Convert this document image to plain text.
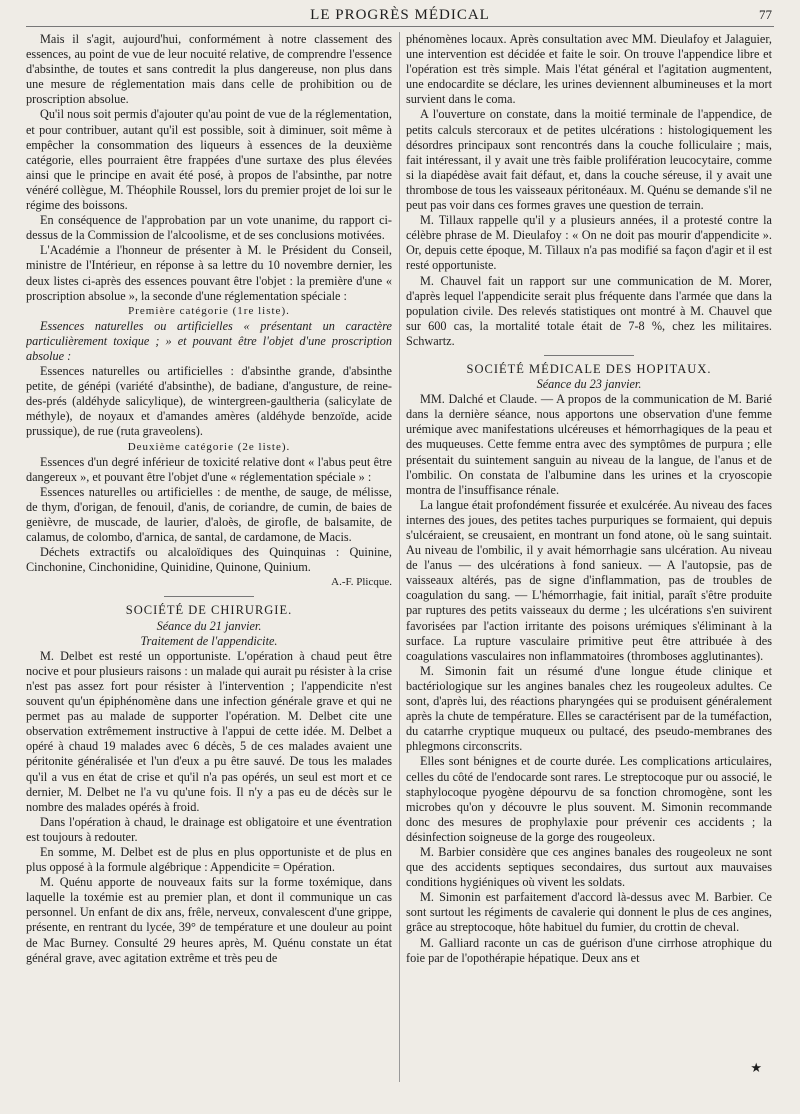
LE PROGRÈS MÉDICAL	77

Mais il s'agit, aujourd'hui, conformément à notre classement des essences, au point de vue de leur nocuité relative, de comprendre l'essence d'absinthe, de toutes et sans contredit la plus dangereuse, non plus dans une mesure de réglementation mais dans celle de prohibition ou de proscription absolue.

Qu'il nous soit permis d'ajouter qu'au point de vue de la réglementation, et pour contribuer, autant qu'il est possible, soit à diminuer, soit même à empêcher la consommation des liqueurs à essences de la deuxième catégorie, elles pourraient être frappées d'une surtaxe des plus élevées ainsi que le principe en avait été posé, à propos de l'absinthe, par notre vénéré collègue, M. Théophile Roussel, lors du premier projet de loi sur le régime des boissons.

En conséquence de l'approbation par un vote unanime, du rapport ci-dessus de la Commission de l'alcoolisme, et de ses conclusions motivées.

L'Académie a l'honneur de présenter à M. le Président du Conseil, ministre de l'Intérieur, en réponse à sa lettre du 10 novembre dernier, les deux listes ci-après des essences pouvant être l'objet : la première d'une « proscription absolue », la seconde d'une réglementation spéciale :

Première catégorie (1re liste).

Essences naturelles ou artificielles « présentant un caractère particulièrement toxique ; » et pouvant être l'objet d'une proscription absolue :

Essences naturelles ou artificielles : d'absinthe grande, d'absinthe petite, de génépi (variété d'absinthe), de badiane, d'angusture, de reine-des-prés (aldéhyde salicylique), de wintergreen-gaultheria (salicylate de méthyle), de noyaux et d'amandes amères (aldéhyde benzoïde, acide prussique), de rue (ruta graveolens).

Deuxième catégorie (2e liste).

Essences d'un degré inférieur de toxicité relative dont « l'abus peut être dangereux », et pouvant être l'objet d'une « réglementation spéciale » :

Essences naturelles ou artificielles : de menthe, de sauge, de mélisse, de thym, d'origan, de fenouil, d'anis, de coriandre, de cumin, de baies de genièvre, de muscade, de laurier, d'aloès, de girofle, de balsamite, de calamus, de colombo, d'arnica, de santal, de cardamone, de Macis.

Déchets extractifs ou alcaloïdiques des Quinquinas : Quinine, Cinchonine, Cinchonidine, Quinidine, Quinone, Quinium.

A.-F. Plicque.

SOCIÉTÉ DE CHIRURGIE.

Séance du 21 janvier.

Traitement de l'appendicite.

M. Delbet est resté un opportuniste. L'opération à chaud peut être nocive et pour plusieurs raisons : un malade qui aurait pu résister à la crise n'est pas assez fort pour résister à l'intervention ; l'appendicite n'est souvent qu'un épiphénomène dans une infection générale grave et qui ne permet pas au malade de supporter l'opération. M. Delbet cite une observation extrêmement instructive à l'appui de cette idée. M. Delbet a opéré à chaud 19 malades avec 6 décès, 5 de ces malades avaient une péritonite généralisée et l'un d'eux a pu être sauvé. De tous les malades qu'il a vus en état de crise et qu'il n'a pas opérés, un seul est mort et ce dernier, M. Delbet ne l'a vu qu'une fois. Il n'y a pas eu de décès sur le nombre des malades opérés à froid.

Dans l'opération à chaud, le drainage est obligatoire et une éventration est toujours à redouter.

En somme, M. Delbet est de plus en plus opportuniste et de plus en plus opposé à la formule algébrique : Appendicite = Opération.

M. Quénu apporte de nouveaux faits sur la forme toxémique, dans laquelle la toxémie est au premier plan, et dont il communique un cas personnel. Un enfant de dix ans, frêle, nerveux, convalescent d'une grippe, présente, en rentrant du lycée, 39° de température et une douleur au point de Mac Burney. Consulté 29 heures après, M. Quénu constate un état général grave, avec agitation extrême et très peu de

phénomènes locaux. Après consultation avec MM. Dieulafoy et Jalaguier, une intervention est décidée et faite le soir. On trouve l'appendice libre et l'opération est très simple. Mais l'état général et l'agitation augmentent, une endocardite se déclare, les urines deviennent albumineuses et la mort survient dans le coma.

A l'ouverture on constate, dans la moitié terminale de l'appendice, de petits calculs stercoraux et de petites ulcérations : histologiquement les désordres principaux sont rencontrés dans la couche folliculaire ; mais, fait intéressant, il y avait une très faible prolifération leucocytaire, comme si la diapédèse avait fait défaut, et, dans la couche séreuse, il y avait une thrombose de tous les vaisseaux péritonéaux. M. Quénu se demande s'il ne peut pas voir dans ces formes graves une question de terrain.

M. Tillaux rappelle qu'il y a plusieurs années, il a protesté contre la célèbre phrase de M. Dieulafoy : « On ne doit pas mourir d'appendicite ». Or, depuis cette époque, M. Tillaux n'a pas modifié sa façon d'agir et il est resté opportuniste.

M. Chauvel fait un rapport sur une communication de M. Morer, d'après lequel l'appendicite serait plus fréquente dans l'armée que dans la population civile. Des relevés statistiques ont montré à M. Chauvel que sur 600 cas, la mortalité totale était de 7-8 %, chez les militaires. Schwartz.

SOCIÉTÉ MÉDICALE DES HOPITAUX.

Séance du 23 janvier.

MM. Dalché et Claude. — A propos de la communication de M. Barié dans la dernière séance, nous apportons une observation d'une femme urémique avec manifestations ulcéreuses et hémorrhagiques de la peau et des muqueuses. Cette femme entra avec des symptômes de purpura ; elle présentait du suintement sanguin au niveau de la langue, de l'anus et de l'ombilic. On constata de l'albumine dans les urines et la cryoscopie montra de l'insuffisance rénale.

La langue était profondément fissurée et exulcérée. Au niveau des faces internes des joues, des petites taches purpuriques se formaient, qui depuis s'ulcéraient, se creusaient, en montrant un fond atone, où le sang suintait. Au niveau de l'ombilic, il y avait hémorrhagie sans ulcération. Au niveau de l'anus — des ulcérations à fond sanieux. — A l'autopsie, pas de vaisseaux altérés, pas de signe d'inflammation, pas de troubles de coagulation du sang. — L'hémorrhagie, fait initial, paraît s'être produite par ruptures des petits vaisseaux du derme ; les ulcérations s'en suivirent favorisées par l'action irritante des poisons urémiques s'éliminant à la surface. La rupture vasculaire primitive peut être attribuée à des coagulations vasculaires non inflammatoires (thromboses agglutinantes).

M. Simonin fait un résumé d'une longue étude clinique et bactériologique sur les angines banales chez les rougeoleux adultes. Ce sont, d'après lui, des réactions pharyngées qui se produisent généralement après la chute de température. Elles se caractérisent par de la tuméfaction, du catarrhe cryptique muqueux ou pultacé, des pseudo-membranes des phlegmons circonscrits.

Elles sont bénignes et de courte durée. Les complications articulaires, celles du côté de l'endocarde sont rares. Le streptocoque pur ou associé, le staphylocoque pyogène dépourvu de sa fonction chromogène, sont les microbes qu'on y découvre le plus souvent. M. Simonin recommande donc des mesures de prophylaxie pour prévenir ces accidents ; la désinfection soigneuse de la gorge des rougeoleux.

M. Barbier considère que ces angines banales des rougeoleux ne sont que des accidents septiques secondaires, dus surtout aux mauvaises conditions hygiéniques où vivent les soldats.

M. Simonin est parfaitement d'accord là-dessus avec M. Barbier. Ce sont surtout les régiments de cavalerie qui donnent le plus de ces angines, grâce au streptocoque, hôte habituel du fumier, du crottin de cheval.

M. Galliard raconte un cas de guérison d'une cirrhose atrophique du foie par de l'opothérapie hépatique. Deux ans et

★
